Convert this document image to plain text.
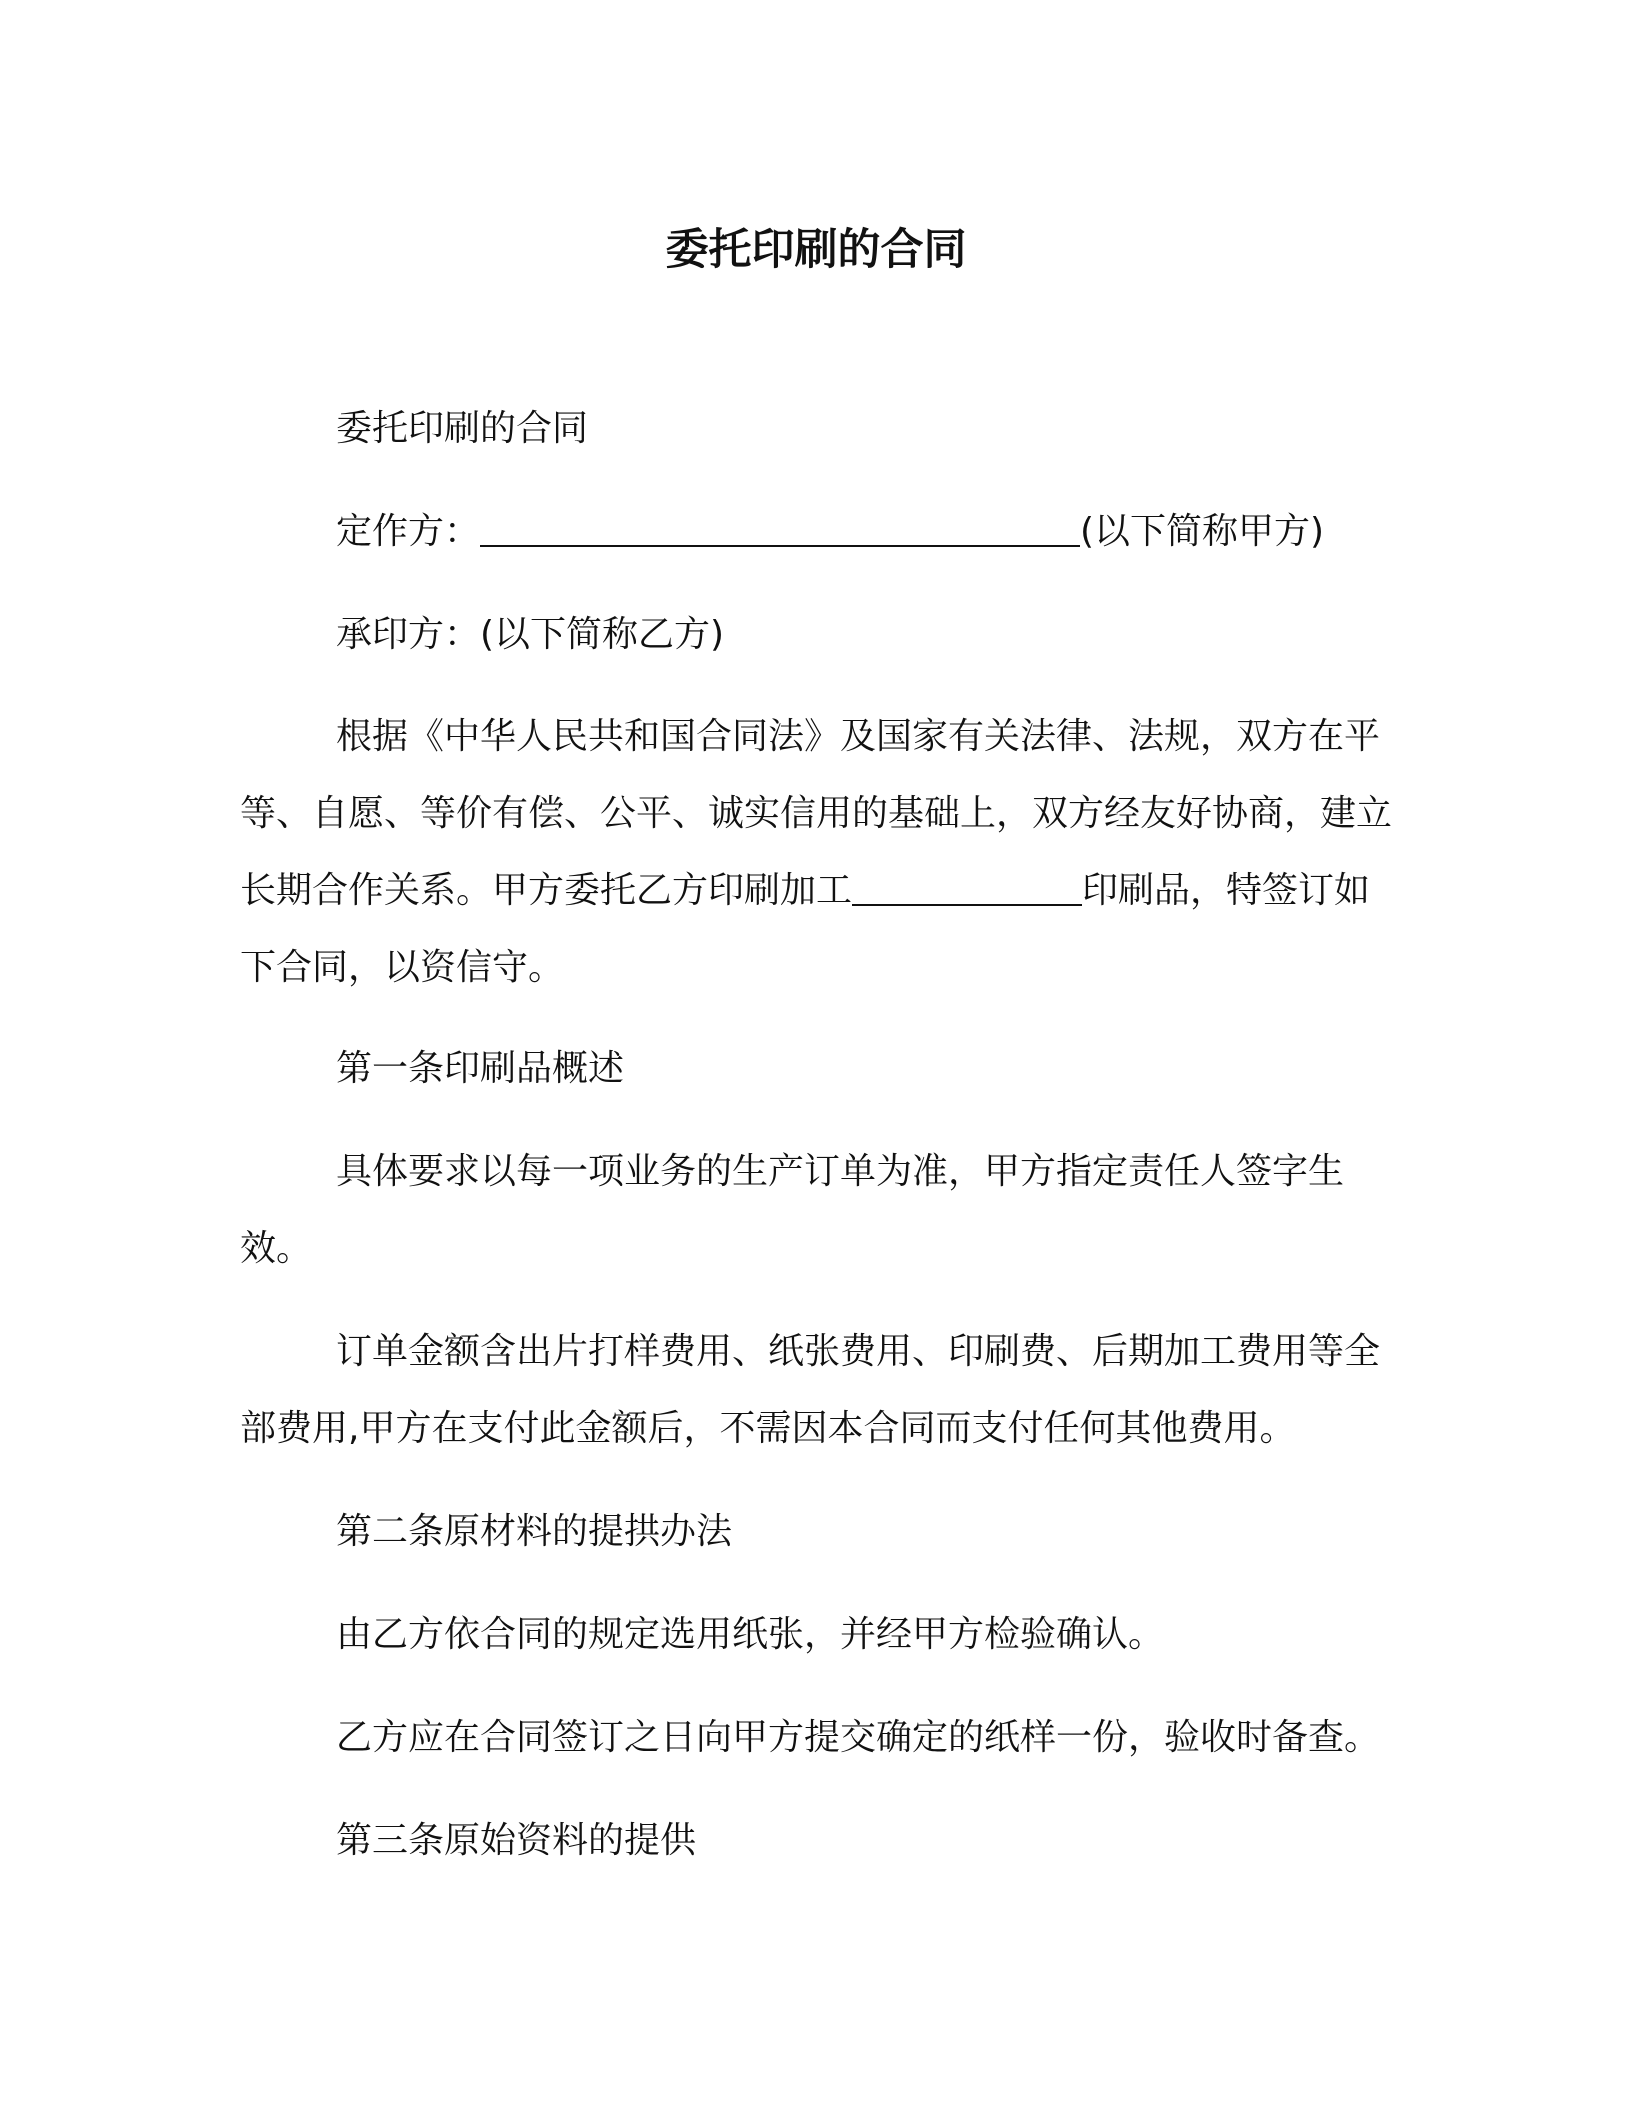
委托印刷的合同

委托印刷的合同

定作方：	(以下简称甲方)

承印方：(以下简称乙方)

根据《中华人民共和国合同法》及国家有关法律、法规，双方在平等、自愿、等价有偿、公平、诚实信用的基础上，双方经友好协商，建立长期合作关系。甲方委托乙方印刷加工	印刷品，特签订如下合同，以资信守。

第一条印刷品概述

具体要求以每一项业务的生产订单为准，甲方指定责任人签字生效。

订单金额含出片打样费用、纸张费用、印刷费、后期加工费用等全部费用,甲方在支付此金额后，不需因本合同而支付任何其他费用。

第二条原材料的提拱办法

由乙方依合同的规定选用纸张，并经甲方检验确认。

乙方应在合同签订之日向甲方提交确定的纸样一份，验收时备查。

第三条原始资料的提供
